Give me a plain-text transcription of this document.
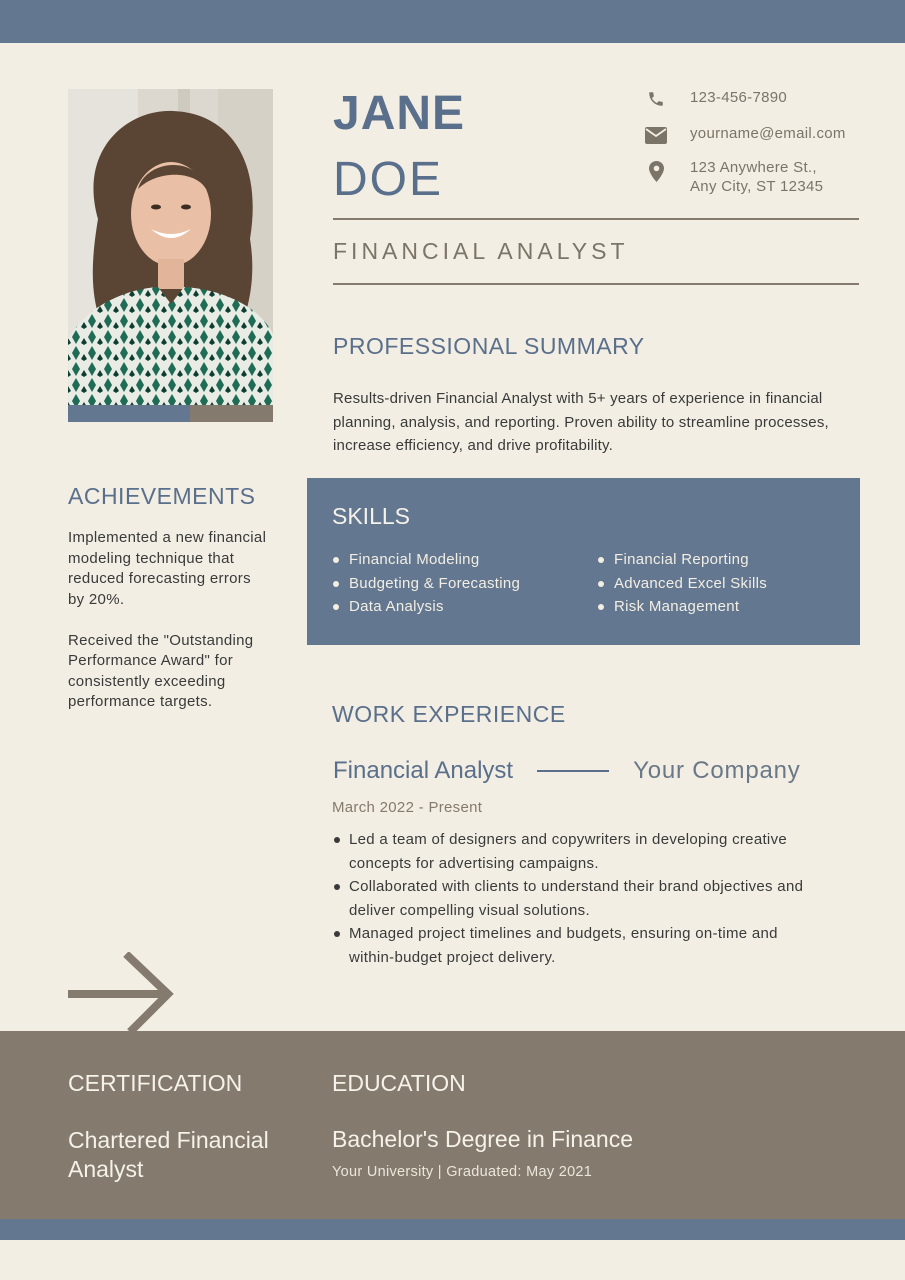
JANE
DOE
123-456-7890
yourname@email.com
123 Anywhere St.,
Any City, ST 12345
FINANCIAL ANALYST
PROFESSIONAL SUMMARY

Results-driven Financial Analyst with 5+ years of experience in financial planning, analysis, and reporting. Proven ability to streamline processes, increase efficiency, and drive profitability.

SKILLS
Financial Modeling
Budgeting & Forecasting
Data Analysis
Financial Reporting
Advanced Excel Skills
Risk Management
ACHIEVEMENTS

Implemented a new financial modeling technique that reduced forecasting errors by 20%.

Received the "Outstanding Performance Award" for consistently exceeding performance targets.	WORK EXPERIENCE
Financial Analyst	Your Company
March 2022 - Present
Led a team of designers and copywriters in developing creative concepts for advertising campaigns.
Collaborated with clients to understand their brand objectives and deliver compelling visual solutions.
Managed project timelines and budgets, ensuring on-time and within-budget project delivery.
CERTIFICATION
Chartered Financial Analyst
EDUCATION
Bachelor's Degree in Finance
Your University | Graduated: May 2021
